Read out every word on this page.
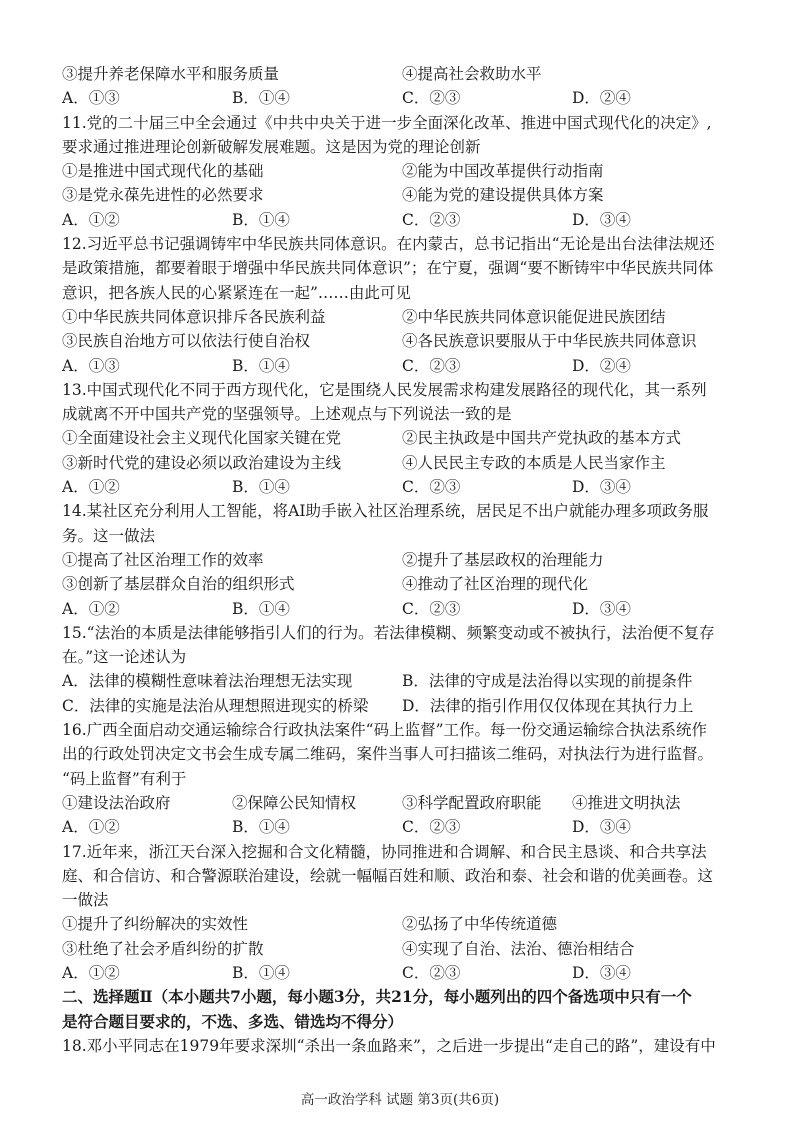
③提升养老保障水平和服务质量	④提高社会救助水平
A．①③	B．①④	C．②③	D．②④
11.党的二十届三中全会通过《中共中央关于进一步全面深化改革、推进中国式现代化的决定》,
要求通过推进理论创新破解发展难题。这是因为党的理论创新
①是推进中国式现代化的基础	②能为中国改革提供行动指南
③是党永葆先进性的必然要求	④能为党的建设提供具体方案
A．①②	B．①④	C．②③	D．③④
12.习近平总书记强调铸牢中华民族共同体意识。在内蒙古，总书记指出“无论是出台法律法规还
是政策措施，都要着眼于增强中华民族共同体意识”；在宁夏，强调“要不断铸牢中华民族共同体
意识，把各族人民的心紧紧连在一起”……由此可见
①中华民族共同体意识排斥各民族利益	②中华民族共同体意识能促进民族团结
③民族自治地方可以依法行使自治权	④各民族意识要服从于中华民族共同体意识
A．①③	B．①④	C．②③	D．②④
13.中国式现代化不同于西方现代化，它是围绕人民发展需求构建发展路径的现代化，其一系列
成就离不开中国共产党的坚强领导。上述观点与下列说法一致的是
①全面建设社会主义现代化国家关键在党	②民主执政是中国共产党执政的基本方式
③新时代党的建设必须以政治建设为主线	④人民民主专政的本质是人民当家作主
A．①②	B．①④	C．②③	D．③④
14.某社区充分利用人工智能，将AI助手嵌入社区治理系统，居民足不出户就能办理多项政务服
务。这一做法
①提高了社区治理工作的效率	②提升了基层政权的治理能力
③创新了基层群众自治的组织形式	④推动了社区治理的现代化
A．①②	B．①④	C．②③	D．③④
15.“法治的本质是法律能够指引人们的行为。若法律模糊、频繁变动或不被执行，法治便不复存
在。”这一论述认为
A．法律的模糊性意味着法治理想无法实现	B．法律的守成是法治得以实现的前提条件
C．法律的实施是法治从理想照进现实的桥梁	D．法律的指引作用仅仅体现在其执行力上
16.广西全面启动交通运输综合行政执法案件“码上监督”工作。每一份交通运输综合执法系统作
出的行政处罚决定文书会生成专属二维码，案件当事人可扫描该二维码，对执法行为进行监督。
“码上监督”有利于
①建设法治政府	②保障公民知情权	③科学配置政府职能	④推进文明执法
A．①②	B．①④	C．②③	D．③④
17.近年来，浙江天台深入挖掘和合文化精髓，协同推进和合调解、和合民主恳谈、和合共享法
庭、和合信访、和合警源联治建设，绘就一幅幅百姓和顺、政治和泰、社会和谐的优美画卷。这
一做法
①提升了纠纷解决的实效性	②弘扬了中华传统道德
③杜绝了社会矛盾纠纷的扩散	④实现了自治、法治、德治相结合
A．①②	B．①④	C．②③	D．③④
二、选择题Ⅱ（本小题共7小题，每小题3分，共21分，每小题列出的四个备选项中只有一个
是符合题目要求的，不选、多选、错选均不得分）
18.邓小平同志在1979年要求深圳“杀出一条血路来”，之后进一步提出“走自己的路”，建设有中
高一政治学科 试题 第3页(共6页)
